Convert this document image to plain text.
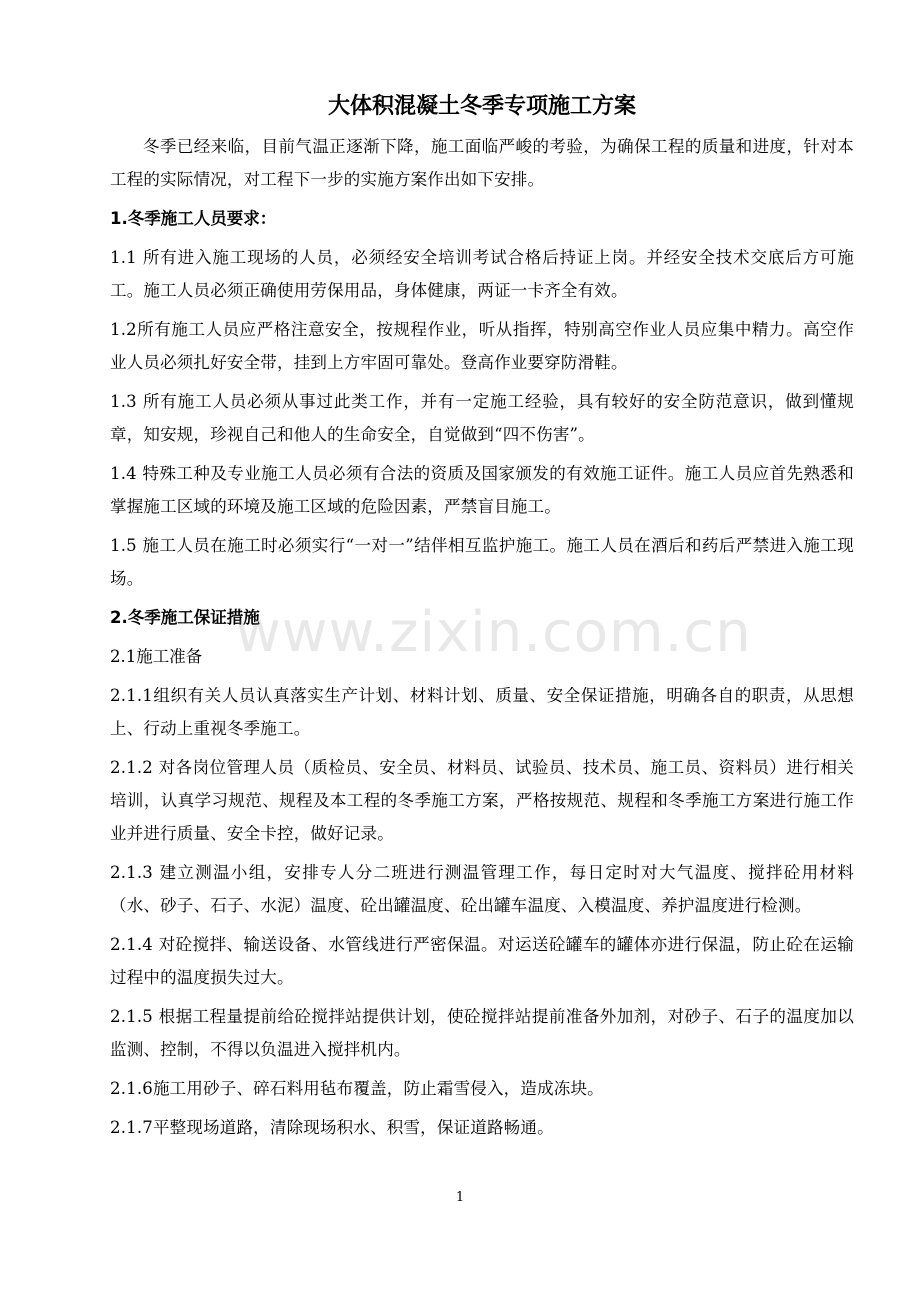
大体积混凝土冬季专项施工方案

冬季已经来临，目前气温正逐渐下降，施工面临严峻的考验，为确保工程的质量和进度，针对本工程的实际情况，对工程下一步的实施方案作出如下安排。

1.冬季施工人员要求：

1.1 所有进入施工现场的人员，必须经安全培训考试合格后持证上岗。并经安全技术交底后方可施工。施工人员必须正确使用劳保用品，身体健康，两证一卡齐全有效。

1.2所有施工人员应严格注意安全，按规程作业，听从指挥，特别高空作业人员应集中精力。高空作业人员必须扎好安全带，挂到上方牢固可靠处。登高作业要穿防滑鞋。

1.3 所有施工人员必须从事过此类工作，并有一定施工经验，具有较好的安全防范意识，做到懂规章，知安规，珍视自己和他人的生命安全，自觉做到“四不伤害”。

1.4 特殊工种及专业施工人员必须有合法的资质及国家颁发的有效施工证件。施工人员应首先熟悉和掌握施工区域的环境及施工区域的危险因素，严禁盲目施工。

1.5 施工人员在施工时必须实行“一对一”结伴相互监护施工。施工人员在酒后和药后严禁进入施工现场。

2.冬季施工保证措施
2.1施工准备

2.1.1组织有关人员认真落实生产计划、材料计划、质量、安全保证措施，明确各自的职责，从思想上、行动上重视冬季施工。

2.1.2 对各岗位管理人员（质检员、安全员、材料员、试验员、技术员、施工员、资料员）进行相关培训，认真学习规范、规程及本工程的冬季施工方案，严格按规范、规程和冬季施工方案进行施工作业并进行质量、安全卡控，做好记录。

2.1.3 建立测温小组，安排专人分二班进行测温管理工作，每日定时对大气温度、搅拌砼用材料（水、砂子、石子、水泥）温度、砼出罐温度、砼出罐车温度、入模温度、养护温度进行检测。

2.1.4 对砼搅拌、输送设备、水管线进行严密保温。对运送砼罐车的罐体亦进行保温，防止砼在运输过程中的温度损失过大。

2.1.5 根据工程量提前给砼搅拌站提供计划，使砼搅拌站提前准备外加剂，对砂子、石子的温度加以监测、控制，不得以负温进入搅拌机内。

2.1.6施工用砂子、碎石料用毡布覆盖，防止霜雪侵入，造成冻块。

2.1.7平整现场道路，清除现场积水、积雪，保证道路畅通。

www.zixin.com.cn
1
